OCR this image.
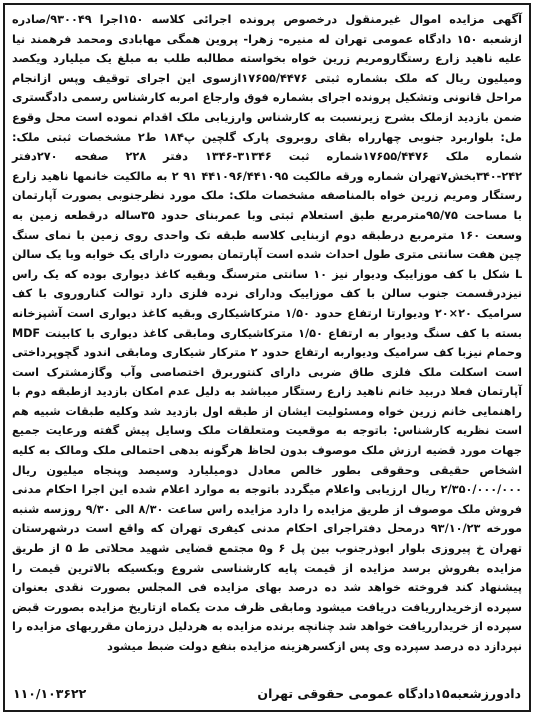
آگهی مزایده اموال غیرمنقول درخصوص پرونده اجرائی کلاسه ۱۵۰اجرا ۹۳۰۰۴۹/صادره ازشعبه ۱۵۰ دادگاه عمومی تهران له منیره- زهرا- پروین همگی مهابادی ومحمد فرهمند نیا علیه ناهید زارع رستگارومریم زرین خواه بخواسته مطالبه طلب به مبلغ یک میلیارد ویکصد ومیلیون ریال که ملک بشماره ثبتی ۱۷۶۵۵/۴۴۷۶ازسوی این اجرای توقیف وپس ازانجام مراحل قانونی وتشکیل پرونده اجرای بشماره فوق وارجاع امربه کارشناس رسمی دادگستری ضمن بازدید ازملک بشرح زیرنسبت به کارشناس وارزیابی ملک اقدام نموده است محل وقوع مل: بلواربرد جنوبی چهارراه بقای روبروی پارک گلچین پ۱۸۴ ط۲ مشخصات ثبتی ملک: شماره ملک ۱۷۶۵۵/۴۴۷۶شماره ثبت ۳۱۳۴۶-۱۳۴۶ دفتر ۲۲۸ صفحه ۲۷۰دفتر ۲۴۲-۳۴۰بخش۷تهران شماره ورقه مالکیت ۴۴۱۰۹۶/۴۴۱۰۹۵ ۹۱ ۲ به مالکیت خانمها ناهید زارع رستگار ومریم زرین خواه بالمناصفه مشخصات ملک: ملک مورد نظرجنوبی بصورت آپارتمان با مساحت ۹۵/۷۵مترمربع طبق استعلام ثبتی وبا عمربنای حدود ۳۵ساله درقطعه زمین به وسعت ۱۶۰ مترمربع درطبقه دوم ازبنایی کلاسه طبقه تک واحدی روی زمین با نمای سنگ چین هفت سانتی متری طول احداث شده است آپارتمان بصورت دارای یک خوابه وبا یک سالن L شکل با کف موزاییک ودیوار نیز ۱۰ سانتی مترسنگ وبقیه کاغذ دیواری بوده که یک راس نیزدرقسمت جنوب سالن با کف موزاییک ودارای نرده فلزی دارد توالت کناروروی با کف سرامیک ۲۰×۲۰ ودیوارتا ارتفاع حدود ۱/۵۰ مترکاشیکاری وبقیه کاغذ دیواری است آشپزخانه بسته با کف سنگ ودیوار به ارتفاع ۱/۵۰ مترکاشیکاری ومابقی کاغذ دیواری با کابینت MDF وحمام نیزبا کف سرامیک ودیواربه ارتفاع حدود ۲ مترکار شیکاری ومابقی اندود گچوپرداختی است اسکلت ملک فلزی طاق ضربی دارای کنتوربرق اختصاصی وآب وگازمشترک است آپارتمان فعلا دربید خانم ناهید زارع رستگار میباشد به دلیل عدم امکان بازدید ازطبقه دوم با راهنمایی خانم زرین خواه ومسئولیت ایشان از طبقه اول بازدید شد وکلیه طبقات شبیه هم است نظریه کارشناس: باتوجه به موقعیت ومتعلقات ملک وسایل پیش گفته ورعایت جمیع جهات مورد قضیه ارزش ملک موصوف بدون لحاظ هرگونه بدهی احتمالی ملک ومالک به کلیه اشخاص حقیقی وحقوقی بطور خالص معادل دومیلیارد وسیصد وپنجاه میلیون ریال ۲/۳۵۰/۰۰۰/۰۰۰ ریال ارزیابی واعلام میگردد باتوجه به موارد اعلام شده این اجرا احکام مدنی فروش ملک موصوف از طریق مزایده را دارد مزایده راس ساعت ۸/۳۰ الی ۹/۳۰ روزسه شنبه مورخه ۹۳/۱۰/۲۳ درمحل دفتراجرای احکام مدنی کیفری تهران که واقع است درشهرستان تهران خ پیروزی بلوار ابوذرجنوب بین پل ۶ و۵ مجتمع قضایی شهید محلاتی ط ۵ از طریق مزایده بفروش برسد مزایده از قیمت پایه کارشناسی شروع وبکسیکه بالاترین قیمت را پیشنهاد کند فروخته خواهد شد ده درصد بهای مزایده فی المجلس بصورت نقدی بعنوان سپرده ازخریدارریافت دریافت میشود ومابقی ظرف مدت یکماه ازتاریخ مزایده بصورت قبض سپرده از خریدارریافت خواهد شد چنانچه برنده مزایده به هردلیل درزمان مقرربهای مزایده را نپردازد ده درصد سپرده وی پس ازکسرهزینه مزایده بنفع دولت ضبط میشود

دادورزشعبه۱۵دادگاه عمومی حقوقی تهران
۱۱۰/۱۰۳۶۲۲
